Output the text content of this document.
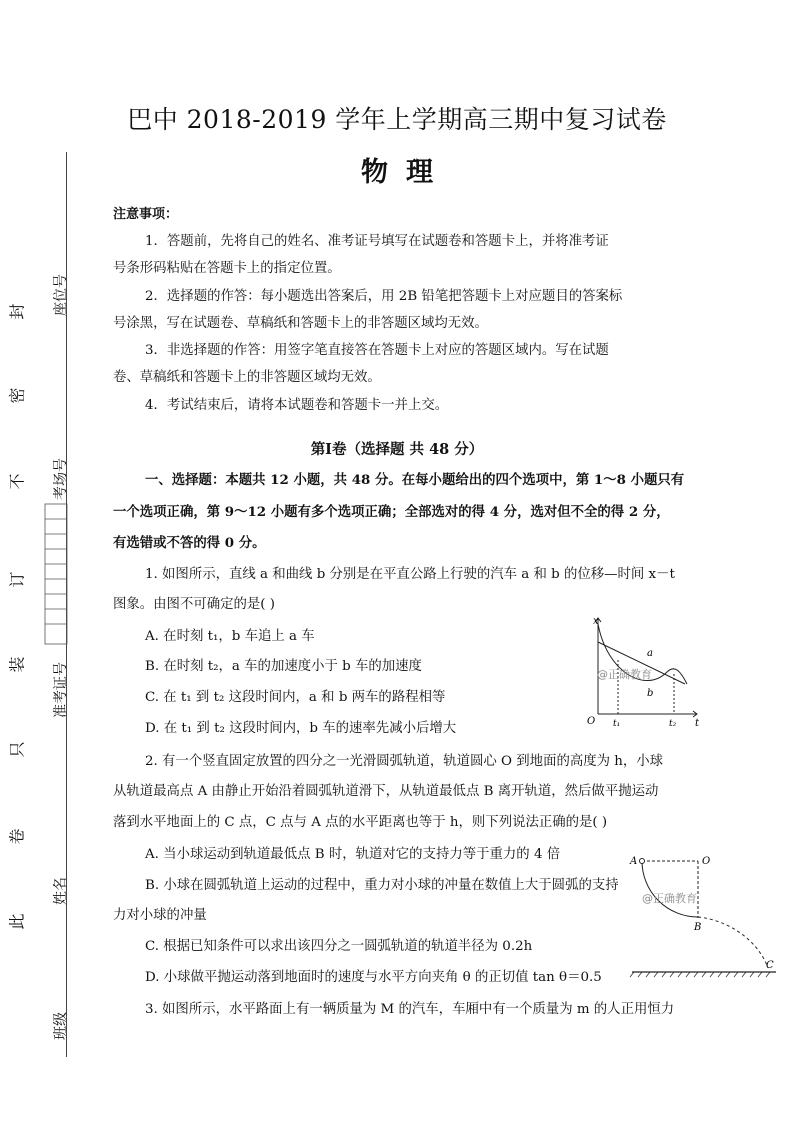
巴中 2018-2019 学年上学期高三期中复习试卷
物理
注意事项：
1．答题前，先将自己的姓名、准考证号填写在试题卷和答题卡上，并将准考证
号条形码粘贴在答题卡上的指定位置。
2．选择题的作答：每小题选出答案后，用 2B 铅笔把答题卡上对应题目的答案标
号涂黑，写在试题卷、草稿纸和答题卡上的非答题区域均无效。
3．非选择题的作答：用签字笔直接答在答题卡上对应的答题区域内。写在试题
卷、草稿纸和答题卡上的非答题区域均无效。
4．考试结束后，请将本试题卷和答题卡一并上交。
第Ⅰ卷（选择题 共 48 分）
一、选择题：本题共 12 小题，共 48 分。在每小题给出的四个选项中，第 1～8 小题只有
一个选项正确，第 9～12 小题有多个选项正确；全部选对的得 4 分，选对但不全的得 2 分，
有选错或不答的得 0 分。
1. 如图所示，直线 a 和曲线 b 分别是在平直公路上行驶的汽车 a 和 b 的位移—时间 x－t
图象。由图不可确定的是( )
A. 在时刻 t₁，b 车追上 a 车
B. 在时刻 t₂，a 车的加速度小于 b 车的加速度
C. 在 t₁ 到 t₂ 这段时间内，a 和 b 两车的路程相等
D. 在 t₁ 到 t₂ 这段时间内，b 车的速率先减小后增大
2. 有一个竖直固定放置的四分之一光滑圆弧轨道，轨道圆心 O 到地面的高度为 h，小球
从轨道最高点 A 由静止开始沿着圆弧轨道滑下，从轨道最低点 B 离开轨道，然后做平抛运动
落到水平地面上的 C 点，C 点与 A 点的水平距离也等于 h，则下列说法正确的是( )
A. 当小球运动到轨道最低点 B 时，轨道对它的支持力等于重力的 4 倍
B. 小球在圆弧轨道上运动的过程中，重力对小球的冲量在数值上大于圆弧的支持
力对小球的冲量
C. 根据已知条件可以求出该四分之一圆弧轨道的轨道半径为 0.2h
D. 小球做平抛运动落到地面时的速度与水平方向夹角 θ 的正切值 tan θ＝0.5
3. 如图所示，水平路面上有一辆质量为 M 的汽车，车厢中有一个质量为 m 的人正用恒力
封
密
不
订
装
只
卷
此
座位号
考场号
准考证号
姓名
班级
x
t
O
a
b
t₁	t₂
@正确教育
A	O
B
C
@正确教育
